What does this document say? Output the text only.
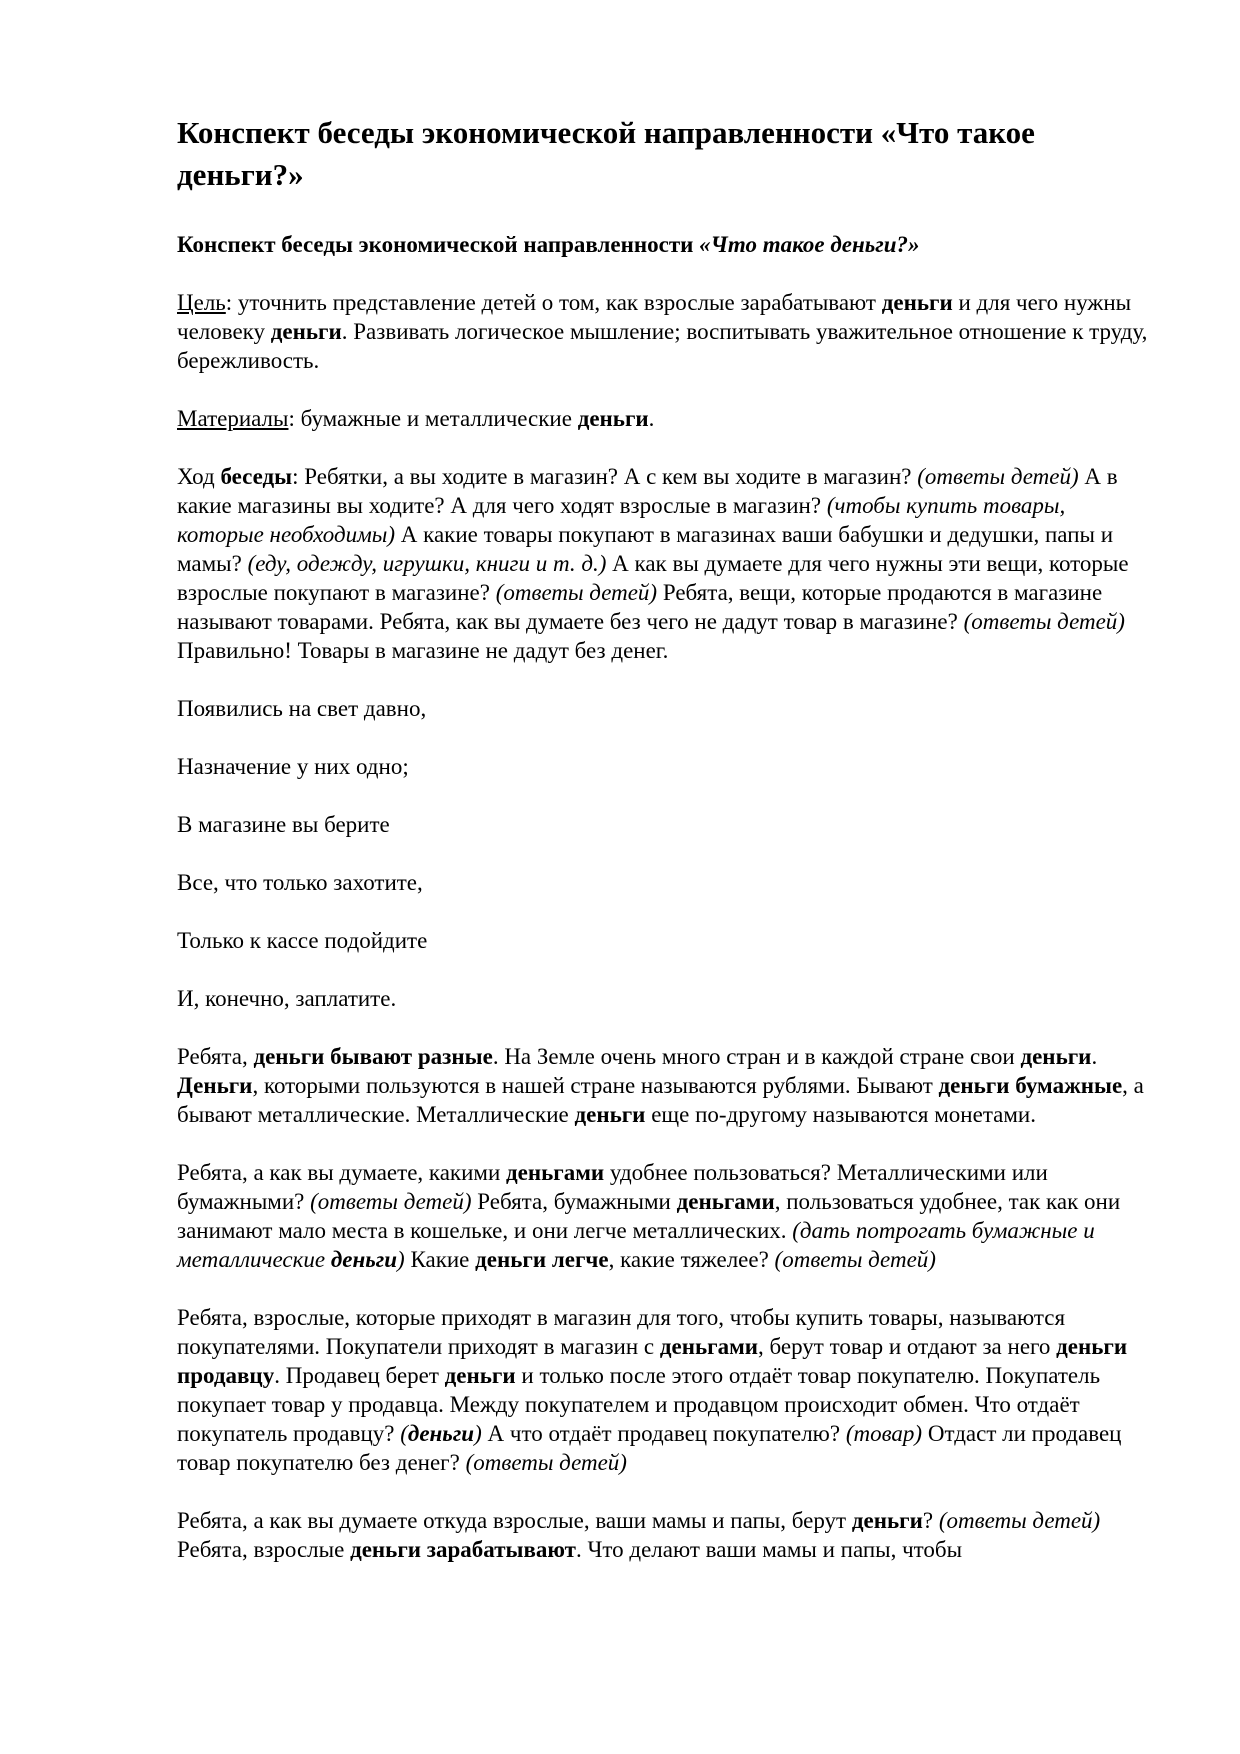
Конспект беседы экономической направленности «Что такое деньги?»

Конспект беседы экономической направленности «Что такое деньги?»

Цель: уточнить представление детей о том, как взрослые зарабатывают деньги и для чего нужны человеку деньги. Развивать логическое мышление; воспитывать уважительное отношение к труду, бережливость.

Материалы: бумажные и металлические деньги.

Ход беседы: Ребятки, а вы ходите в магазин? А с кем вы ходите в магазин? (ответы детей) А в какие магазины вы ходите? А для чего ходят взрослые в магазин? (чтобы купить товары, которые необходимы) А какие товары покупают в магазинах ваши бабушки и дедушки, папы и мамы? (еду, одежду, игрушки, книги и т. д.) А как вы думаете для чего нужны эти вещи, которые взрослые покупают в магазине? (ответы детей) Ребята, вещи, которые продаются в магазине называют товарами. Ребята, как вы думаете без чего не дадут товар в магазине? (ответы детей) Правильно! Товары в магазине не дадут без денег.

Появились на свет давно,

Назначение у них одно;

В магазине вы берите

Все, что только захотите,

Только к кассе подойдите

И, конечно, заплатите.

Ребята, деньги бывают разные. На Земле очень много стран и в каждой стране свои деньги. Деньги, которыми пользуются в нашей стране называются рублями. Бывают деньги бумажные, а бывают металлические. Металлические деньги еще по-другому называются монетами.

Ребята, а как вы думаете, какими деньгами удобнее пользоваться? Металлическими или бумажными? (ответы детей) Ребята, бумажными деньгами, пользоваться удобнее, так как они занимают мало места в кошельке, и они легче металлических. (дать потрогать бумажные и металлические деньги) Какие деньги легче, какие тяжелее? (ответы детей)

Ребята, взрослые, которые приходят в магазин для того, чтобы купить товары, называются покупателями. Покупатели приходят в магазин с деньгами, берут товар и отдают за него деньги продавцу. Продавец берет деньги и только после этого отдаёт товар покупателю. Покупатель покупает товар у продавца. Между покупателем и продавцом происходит обмен. Что отдаёт покупатель продавцу? (деньги) А что отдаёт продавец покупателю? (товар) Отдаст ли продавец товар покупателю без денег? (ответы детей)

Ребята, а как вы думаете откуда взрослые, ваши мамы и папы, берут деньги? (ответы детей) Ребята, взрослые деньги зарабатывают. Что делают ваши мамы и папы, чтобы
